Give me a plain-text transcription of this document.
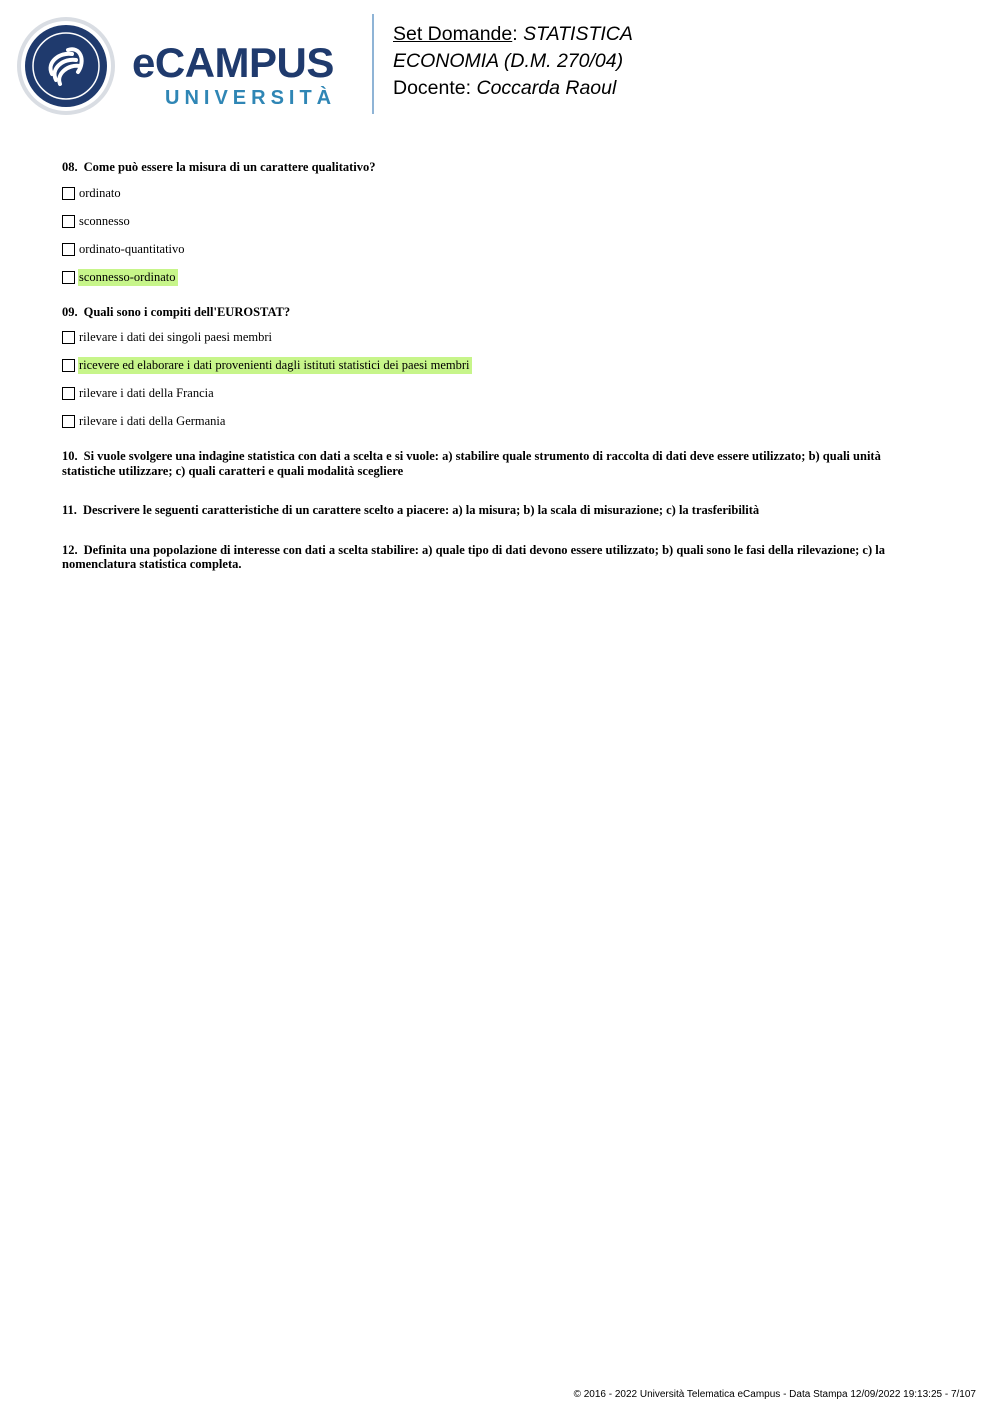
eCAMPUS
UNIVERSITÀ
Set Domande: STATISTICA
ECONOMIA (D.M. 270/04)
Docente: Coccarda Raoul

08. Come può essere la misura di un carattere qualitativo?

ordinato
sconnesso
ordinato-quantitativo
sconnesso-ordinato

09. Quali sono i compiti dell'EUROSTAT?

rilevare i dati dei singoli paesi membri
ricevere ed elaborare i dati provenienti dagli istituti statistici dei paesi membri
rilevare i dati della Francia
rilevare i dati della Germania

10. Si vuole svolgere una indagine statistica con dati a scelta e si vuole: a) stabilire quale strumento di raccolta di dati deve essere utilizzato; b) quali unità statistiche utilizzare; c) quali caratteri e quali modalità scegliere

11. Descrivere le seguenti caratteristiche di un carattere scelto a piacere: a) la misura; b) la scala di misurazione; c) la trasferibilità

12. Definita una popolazione di interesse con dati a scelta stabilire: a) quale tipo di dati devono essere utilizzato; b) quali sono le fasi della rilevazione; c) la nomenclatura statistica completa.

© 2016 - 2022 Università Telematica eCampus - Data Stampa 12/09/2022 19:13:25 - 7/107
